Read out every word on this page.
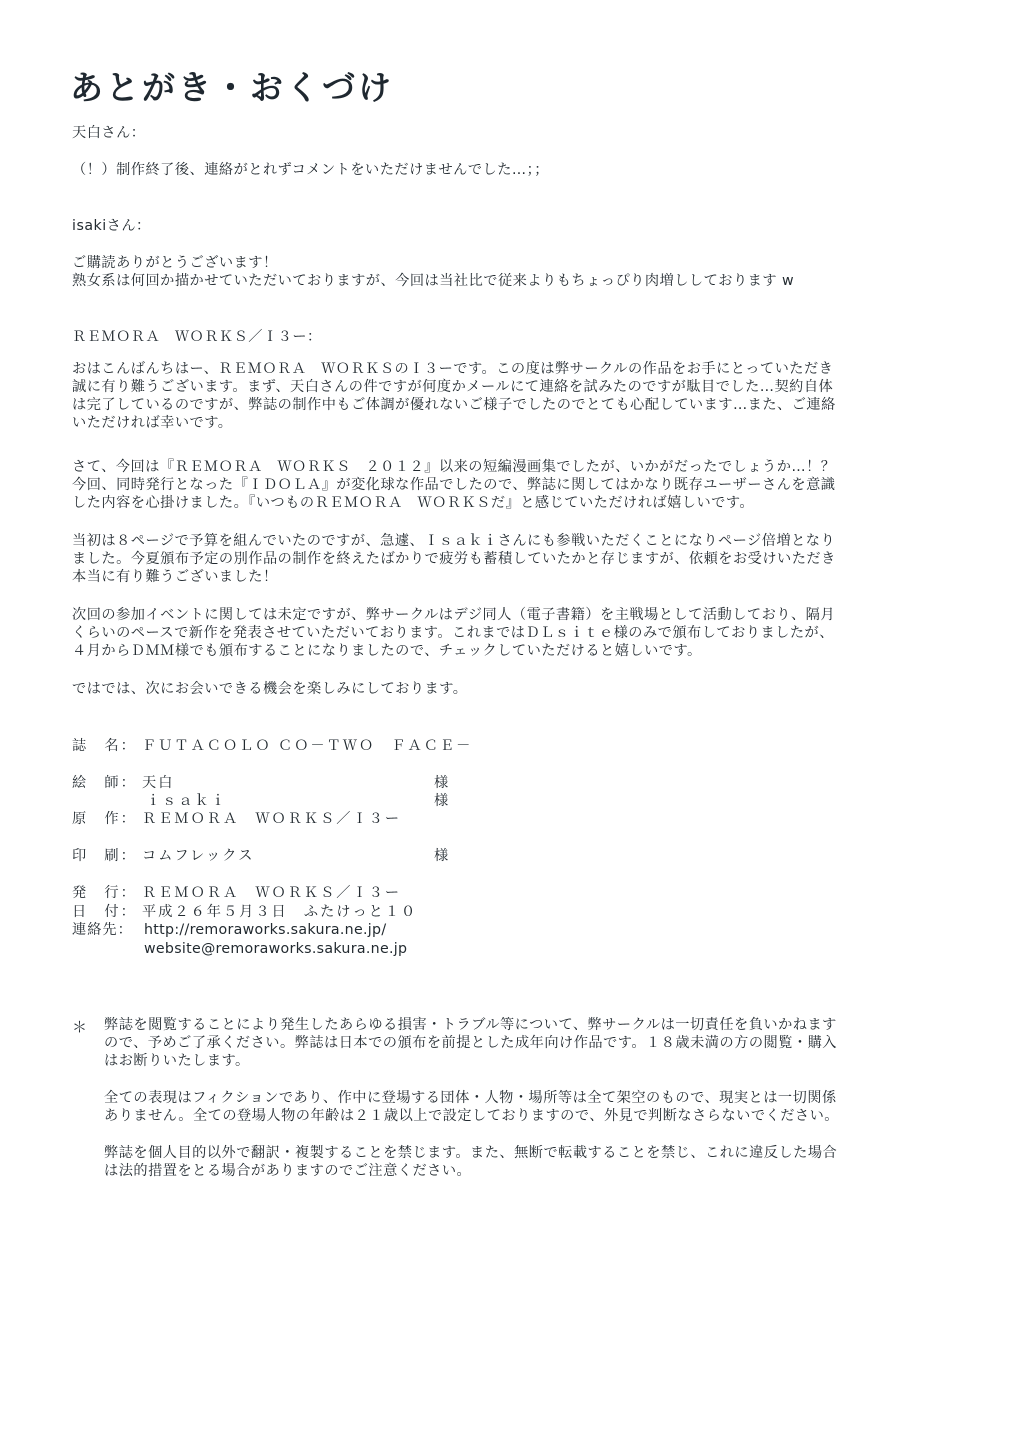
あとがき・おくづけ
天白さん：
（！）制作終了後、連絡がとれずコメントをいただけませんでした…；；
isakiさん：
ご購読ありがとうございます！
熟女系は何回か描かせていただいておりますが、今回は当社比で従来よりもちょっぴり肉増ししております w
ＲＥＭＯＲＡ　ＷＯＲＫＳ／Ｉ３ー：
おはこんばんちはー、ＲＥＭＯＲＡ　ＷＯＲＫＳのＩ３ーです。この度は弊サークルの作品をお手にとっていただき
誠に有り難うございます。まず、天白さんの件ですが何度かメールにて連絡を試みたのですが駄目でした…契約自体
は完了しているのですが、弊誌の制作中もご体調が優れないご様子でしたのでとても心配しています…また、ご連絡
いただければ幸いです。
さて、今回は『ＲＥＭＯＲＡ　ＷＯＲＫＳ　２０１２』以来の短編漫画集でしたが、いかがだったでしょうか…！？
今回、同時発行となった『ＩＤＯＬＡ』が変化球な作品でしたので、弊誌に関してはかなり既存ユーザーさんを意識
した内容を心掛けました。『いつものＲＥＭＯＲＡ　ＷＯＲＫＳだ』と感じていただければ嬉しいです。
当初は８ページで予算を組んでいたのですが、急遽、Ｉｓａｋｉさんにも参戦いただくことになりページ倍増となり
ました。今夏頒布予定の別作品の制作を終えたばかりで疲労も蓄積していたかと存じますが、依頼をお受けいただき
本当に有り難うございました！
次回の参加イベントに関しては未定ですが、弊サークルはデジ同人（電子書籍）を主戦場として活動しており、隔月
くらいのペースで新作を発表させていただいております。これまではＤＬｓｉｔｅ様のみで頒布しておりましたが、
４月からＤＭＭ様でも頒布することになりましたので、チェックしていただけると嬉しいです。
ではでは、次にお会いできる機会を楽しみにしております。
誌　名： ＦＵＴＡＣＯＬＯ ＣＯ－ＴＷＯ　ＦＡＣＥ－
絵　師： 天白	様
ｉｓａｋｉ	様
原　作： ＲＥＭＯＲＡ　ＷＯＲＫＳ／Ｉ３ー
印　刷： コムフレックス	様
発　行： ＲＥＭＯＲＡ　ＷＯＲＫＳ／Ｉ３ー
日　付： 平成２６年５月３日　ふたけっと１０
連絡先： http://remoraworks.sakura.ne.jp/
website@remoraworks.sakura.ne.jp
＊ 弊誌を閲覧することにより発生したあらゆる損害・トラブル等について、弊サークルは一切責任を負いかねます
ので、予めご了承ください。弊誌は日本での頒布を前提とした成年向け作品です。１８歳未満の方の閲覧・購入
はお断りいたします。
全ての表現はフィクションであり、作中に登場する団体・人物・場所等は全て架空のもので、現実とは一切関係
ありません。全ての登場人物の年齢は２１歳以上で設定しておりますので、外見で判断なさらないでください。
弊誌を個人目的以外で翻訳・複製することを禁じます。また、無断で転載することを禁じ、これに違反した場合
は法的措置をとる場合がありますのでご注意ください。
